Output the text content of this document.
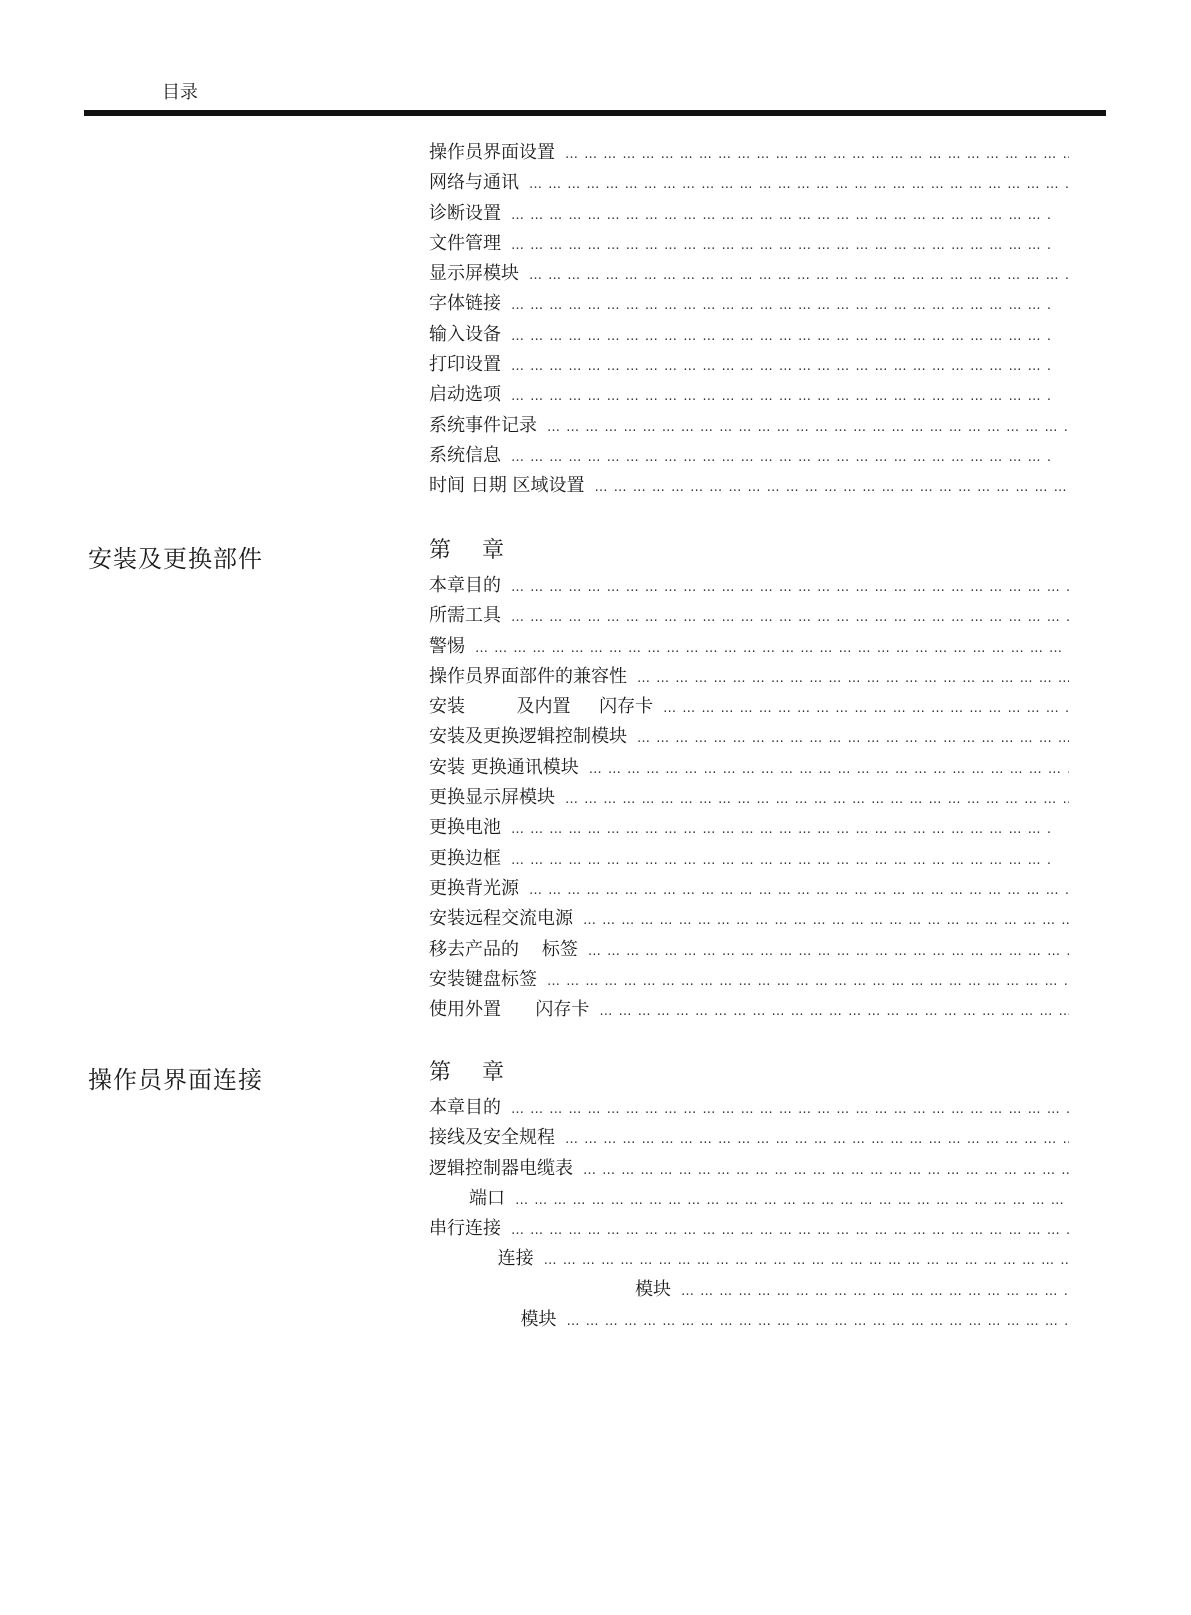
目录
操作员界面设置
… … … … … … … … … … … … … … … … … … … … … … … … … … … … … … … … … … … … … … … … … … … … … … … … … … … … … … … … … … … … … … … …
网络与通讯
… … … … … … … … … … … … … … … … … … … … … … … … … … … … … … … … … … … … … … … … … … … … … … … … … … … … … … … … … … … … … … … …
诊断设置
… … … … … … … … … … … … … … … … … … … … … … … … … … … … … … … … … … … … … … … … … … … … … … … … … … … … … … … … … … … … … … … …
文件管理
… … … … … … … … … … … … … … … … … … … … … … … … … … … … … … … … … … … … … … … … … … … … … … … … … … … … … … … … … … … … … … … …
显示屏模块
… … … … … … … … … … … … … … … … … … … … … … … … … … … … … … … … … … … … … … … … … … … … … … … … … … … … … … … … … … … … … … … …
字体链接
… … … … … … … … … … … … … … … … … … … … … … … … … … … … … … … … … … … … … … … … … … … … … … … … … … … … … … … … … … … … … … … …
输入设备
… … … … … … … … … … … … … … … … … … … … … … … … … … … … … … … … … … … … … … … … … … … … … … … … … … … … … … … … … … … … … … … …
打印设置
… … … … … … … … … … … … … … … … … … … … … … … … … … … … … … … … … … … … … … … … … … … … … … … … … … … … … … … … … … … … … … … …
启动选项
… … … … … … … … … … … … … … … … … … … … … … … … … … … … … … … … … … … … … … … … … … … … … … … … … … … … … … … … … … … … … … … …
系统事件记录
… … … … … … … … … … … … … … … … … … … … … … … … … … … … … … … … … … … … … … … … … … … … … … … … … … … … … … … … … … … … … … … …
系统信息
… … … … … … … … … … … … … … … … … … … … … … … … … … … … … … … … … … … … … … … … … … … … … … … … … … … … … … … … … … … … … … … …
时间 日期 区域设置
… … … … … … … … … … … … … … … … … … … … … … … … … … … … … … … … … … … … … … … … … … … … … … … … … … … … … … … … … … … … … … … …
安装及更换部件	第 章
本章目的
… … … … … … … … … … … … … … … … … … … … … … … … … … … … … … … … … … … … … … … … … … … … … … … … … … … … … … … … … … … … … … … …
所需工具
… … … … … … … … … … … … … … … … … … … … … … … … … … … … … … … … … … … … … … … … … … … … … … … … … … … … … … … … … … … … … … … …
警惕
… … … … … … … … … … … … … … … … … … … … … … … … … … … … … … … … … … … … … … … … … … … … … … … … … … … … … … … … … … … … … … … …
操作员界面部件的兼容性
… … … … … … … … … … … … … … … … … … … … … … … … … … … … … … … … … … … … … … … … … … … … … … … … … … … … … … … … … … … … … … … …
安装         及内置     闪存卡
… … … … … … … … … … … … … … … … … … … … … … … … … … … … … … … … … … … … … … … … … … … … … … … … … … … … … … … … … … … … … … … …
安装及更换逻辑控制模块
… … … … … … … … … … … … … … … … … … … … … … … … … … … … … … … … … … … … … … … … … … … … … … … … … … … … … … … … … … … … … … … …
安装 更换通讯模块
… … … … … … … … … … … … … … … … … … … … … … … … … … … … … … … … … … … … … … … … … … … … … … … … … … … … … … … … … … … … … … … …
更换显示屏模块
… … … … … … … … … … … … … … … … … … … … … … … … … … … … … … … … … … … … … … … … … … … … … … … … … … … … … … … … … … … … … … … …
更换电池
… … … … … … … … … … … … … … … … … … … … … … … … … … … … … … … … … … … … … … … … … … … … … … … … … … … … … … … … … … … … … … … …
更换边框
… … … … … … … … … … … … … … … … … … … … … … … … … … … … … … … … … … … … … … … … … … … … … … … … … … … … … … … … … … … … … … … …
更换背光源
… … … … … … … … … … … … … … … … … … … … … … … … … … … … … … … … … … … … … … … … … … … … … … … … … … … … … … … … … … … … … … … …
安装远程交流电源
… … … … … … … … … … … … … … … … … … … … … … … … … … … … … … … … … … … … … … … … … … … … … … … … … … … … … … … … … … … … … … … …
移去产品的    标签
… … … … … … … … … … … … … … … … … … … … … … … … … … … … … … … … … … … … … … … … … … … … … … … … … … … … … … … … … … … … … … … …
安装键盘标签
… … … … … … … … … … … … … … … … … … … … … … … … … … … … … … … … … … … … … … … … … … … … … … … … … … … … … … … … … … … … … … … …
使用外置      闪存卡
… … … … … … … … … … … … … … … … … … … … … … … … … … … … … … … … … … … … … … … … … … … … … … … … … … … … … … … … … … … … … … … …
操作员界面连接	第 章
本章目的
… … … … … … … … … … … … … … … … … … … … … … … … … … … … … … … … … … … … … … … … … … … … … … … … … … … … … … … … … … … … … … … …
接线及安全规程
… … … … … … … … … … … … … … … … … … … … … … … … … … … … … … … … … … … … … … … … … … … … … … … … … … … … … … … … … … … … … … … …
逻辑控制器电缆表
… … … … … … … … … … … … … … … … … … … … … … … … … … … … … … … … … … … … … … … … … … … … … … … … … … … … … … … … … … … … … … … …
端口
… … … … … … … … … … … … … … … … … … … … … … … … … … … … … … … … … … … … … … … … … … … … … … … … … … … … … … … … … … … … … … … …
串行连接
… … … … … … … … … … … … … … … … … … … … … … … … … … … … … … … … … … … … … … … … … … … … … … … … … … … … … … … … … … … … … … … …
连接
… … … … … … … … … … … … … … … … … … … … … … … … … … … … … … … … … … … … … … … … … … … … … … … … … … … … … … … … … … … … … … … …
模块
… … … … … … … … … … … … … … … … … … … … … … … … … … … … … … … … … … … … … … … … … … … … … … … … … … … … … … … … … … … … … … … …
模块
… … … … … … … … … … … … … … … … … … … … … … … … … … … … … … … … … … … … … … … … … … … … … … … … … … … … … … … … … … … … … … … …
